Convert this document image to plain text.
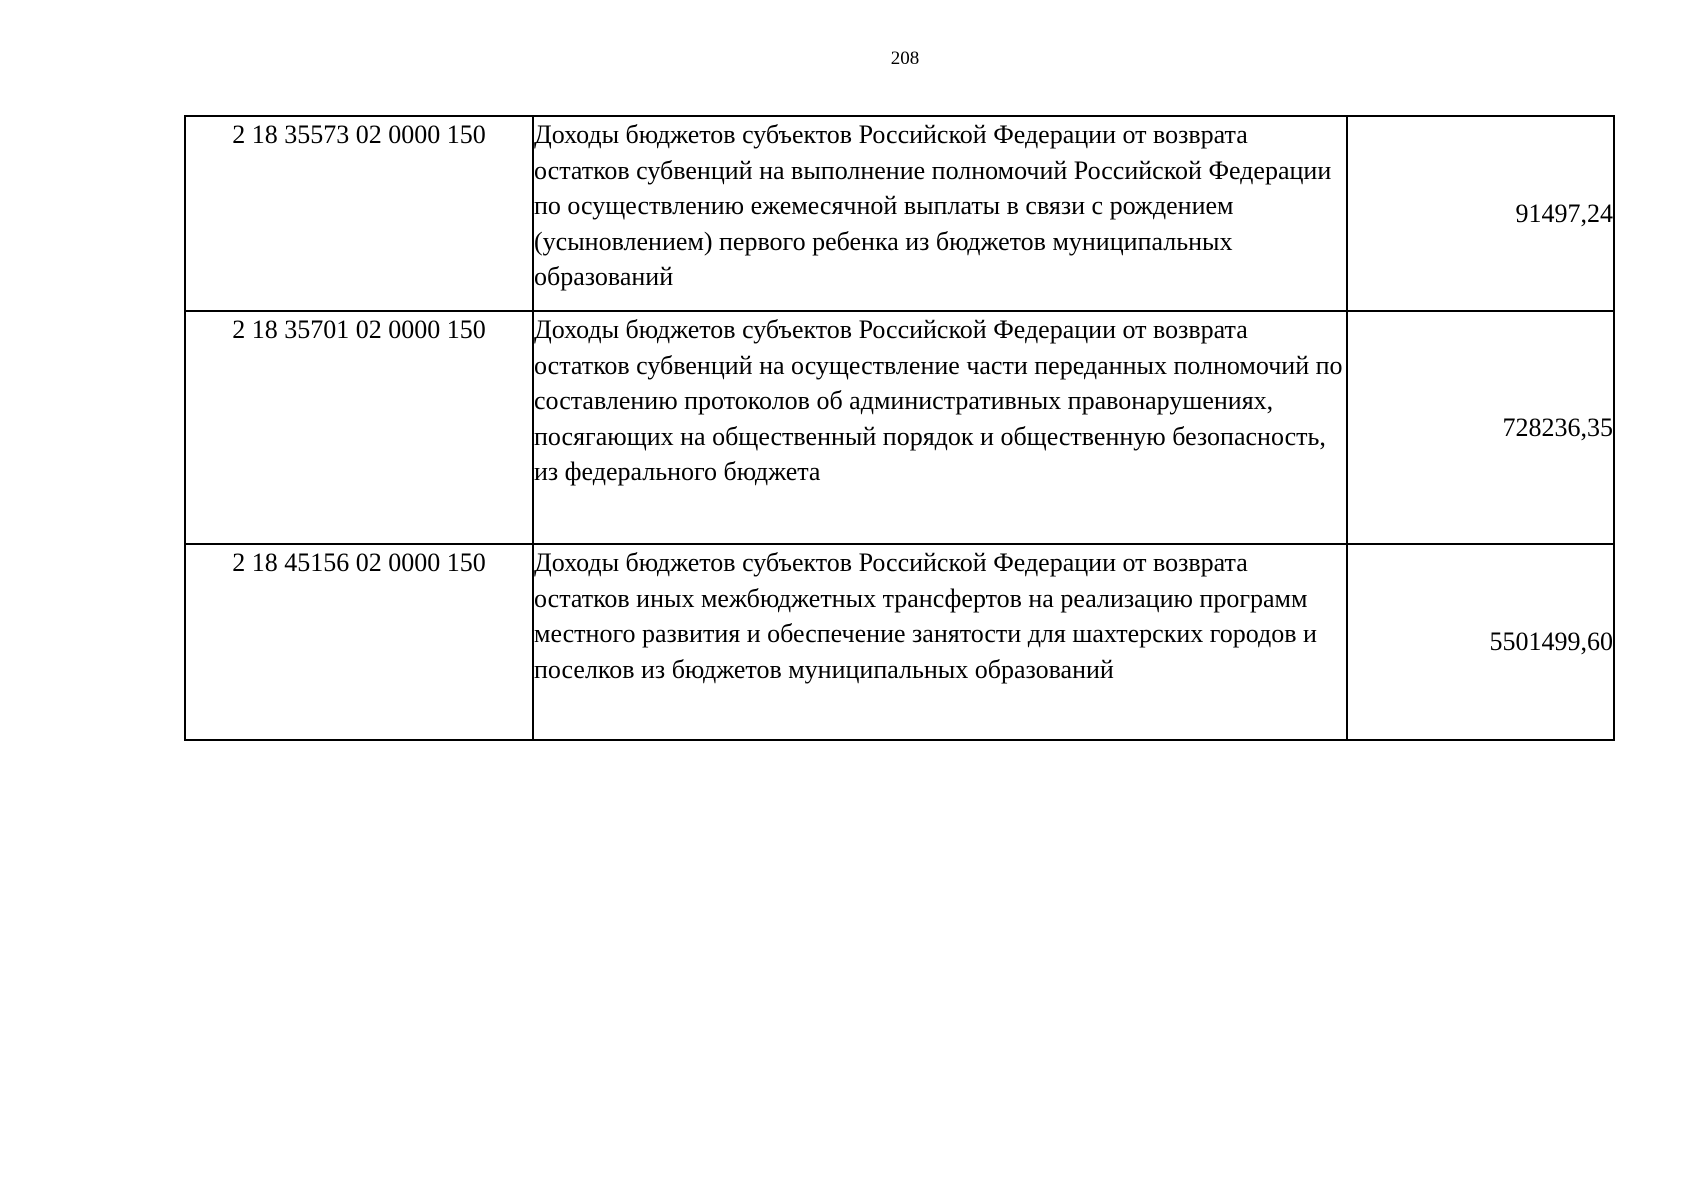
208
2 18 35573 02 0000 150	Доходы бюджетов субъектов Российской Федерации от возврата остатков субвенций на выполнение полномочий Российской Федерации по осуществлению ежемесячной выплаты в связи с рождением (усыновлением) первого ребенка из бюджетов муниципальных образований	91497,24
2 18 35701 02 0000 150	Доходы бюджетов субъектов Российской Федерации от возврата остатков субвенций на осуществление части переданных полномочий по составлению протоколов об административных правонарушениях, посягающих на общественный порядок и общественную безопасность, из федерального бюджета	728236,35
2 18 45156 02 0000 150	Доходы бюджетов субъектов Российской Федерации от возврата остатков иных межбюджетных трансфертов на реализацию программ местного развития и обеспечение занятости для шахтерских городов и поселков из бюджетов муниципальных образований	5501499,60
